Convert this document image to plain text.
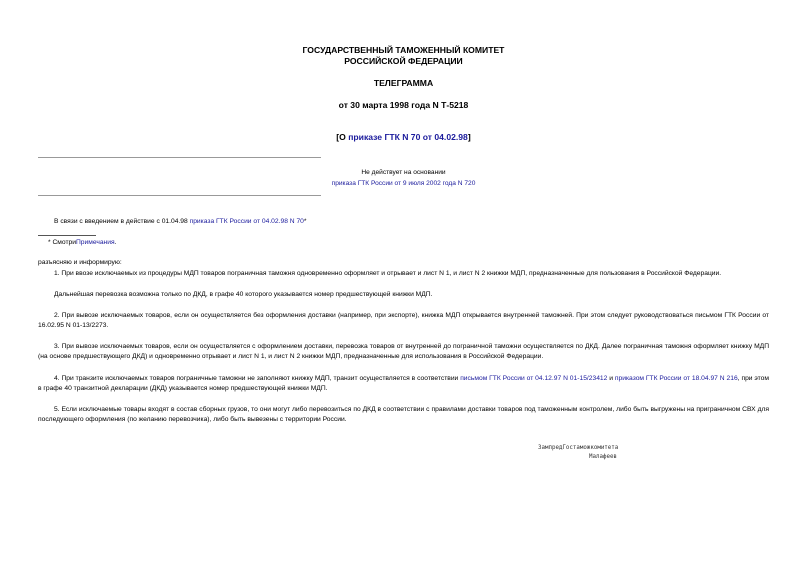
ГОСУДАРСТВЕННЫЙ ТАМОЖЕННЫЙ КОМИТЕТ
РОССИЙСКОЙ ФЕДЕРАЦИИ
ТЕЛЕГРАММА
от 30 марта 1998 года N Т-5218
[О приказе ГТК N 70 от 04.02.98]
Не действует на основании
приказа ГТК России от 9 июля 2002 года N 720
В связи с введением в действие с 01.04.98 приказа ГТК России от 04.02.98 N 70*
* СмотриПримечания.
разъясняю и информирую:
1. При ввозе исключаемых из процедуры МДП товаров пограничная таможня одновременно оформляет и отрывает и лист N 1, и лист N 2 книжки МДП, предназначенные для пользования в Российской Федерации.
Дальнейшая перевозка возможна только по ДКД, в графе 40 которого указывается номер предшествующей книжки МДП.
2. При вывозе исключаемых товаров, если он осуществляется без оформления доставки (например, при экспорте), книжка МДП открывается внутренней таможней. При этом следует руководствоваться письмом ГТК России от 16.02.95 N 01-13/2273.
3. При вывозе исключаемых товаров, если он осуществляется с оформлением доставки, перевозка товаров от внутренней до пограничной таможни осуществляется по ДКД. Далее пограничная таможня оформляет книжку МДП (на основе предшествующего ДКД) и одновременно отрывает и лист N 1, и лист N 2 книжки МДП, предназначенные для использования в Российской Федерации.
4. При транзите исключаемых товаров пограничные таможни не заполняют книжку МДП, транзит осуществляется в соответствии письмом ГТК России от 04.12.97 N 01-15/23412 и приказом ГТК России от 18.04.97 N 216, при этом в графе 40 транзитной декларации (ДКД) указывается номер предшествующей книжки МДП.
5. Если исключаемые товары входят в состав сборных грузов, то они могут либо перевозиться по ДКД в соответствии с правилами доставки товаров под таможенным контролем, либо быть выгружены на приграничном СВХ для последующего оформления (по желанию перевозчика), либо быть вывезены с территории России.
ЗампредГостаможкомитета
Малафеев
